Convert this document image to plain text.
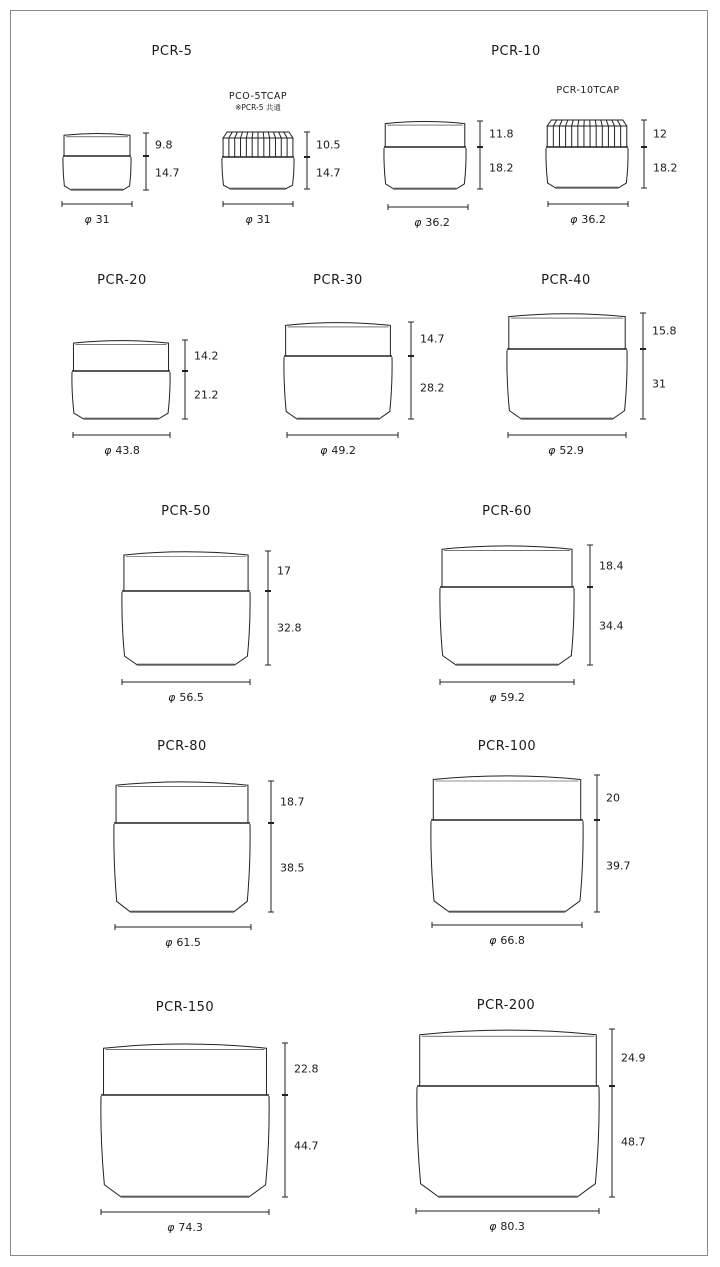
PCR-5
9.8
14.7
φ 31
PCO-5TCAP
※PCR-5 共通
10.5
14.7
φ 31
PCR-10
11.8
18.2
φ 36.2
PCR-10TCAP
12
18.2
φ 36.2
PCR-20
14.2
21.2
φ 43.8
PCR-30
14.7
28.2
φ 49.2
PCR-40
15.8
31
φ 52.9
PCR-50
17
32.8
φ 56.5
PCR-60
18.4
34.4
φ 59.2
PCR-80
18.7
38.5
φ 61.5
PCR-100
20
39.7
φ 66.8
PCR-150
22.8
44.7
φ 74.3
PCR-200
24.9
48.7
φ 80.3
